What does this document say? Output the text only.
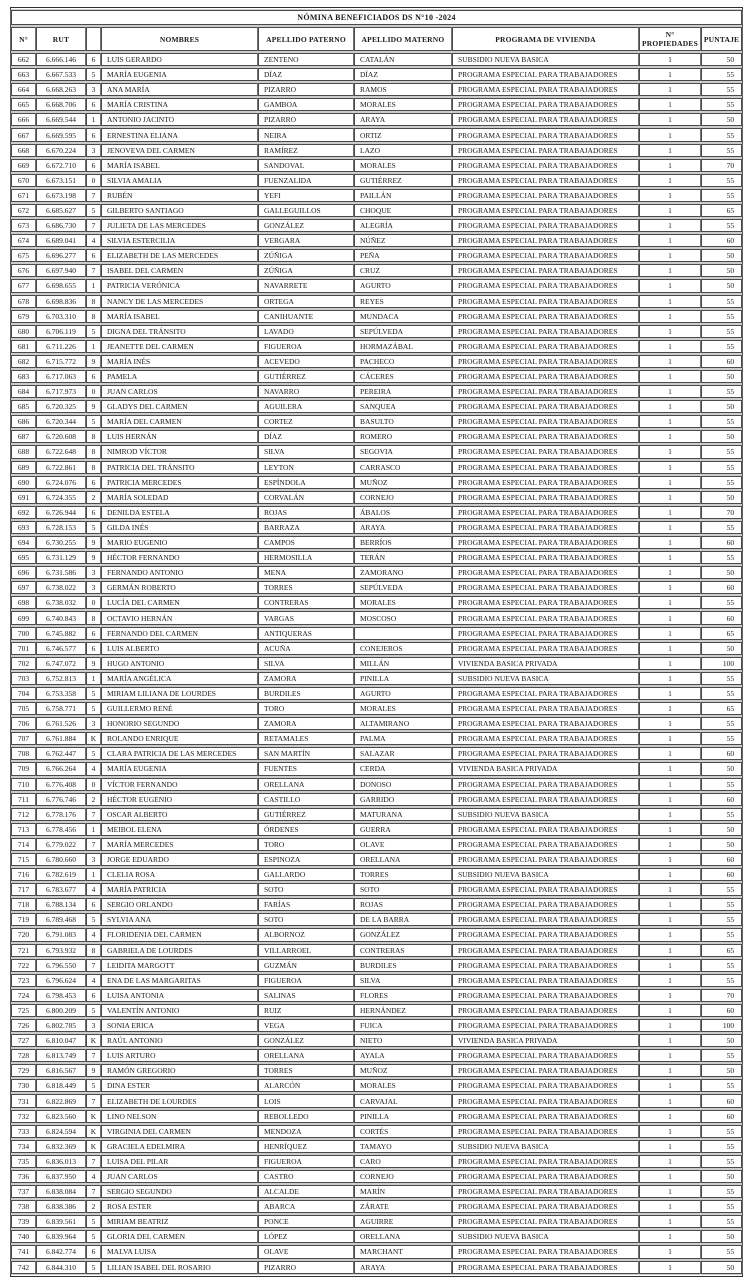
NÓMINA BENEFICIADOS DS N°10 -2024								
N°	RUT		NOMBRES	APELLIDO PATERNO	APELLIDO MATERNO	PROGRAMA DE VIVIENDA	N° PROPIEDADES	PUNTAJE
662	6.666.146	6	LUIS GERARDO	ZENTENO	CATALÁN	SUBSIDIO NUEVA BASICA	1	50
663	6.667.533	5	MARÍA EUGENIA	DÍAZ	DÍAZ	PROGRAMA ESPECIAL PARA TRABAJADORES	1	55
664	6.668.263	3	ANA MARÍA	PIZARRO	RAMOS	PROGRAMA ESPECIAL PARA TRABAJADORES	1	55
665	6.668.706	6	MARÍA CRISTINA	GAMBOA	MORALES	PROGRAMA ESPECIAL PARA TRABAJADORES	1	55
666	6.669.544	1	ANTONIO JACINTO	PIZARRO	ARAYA	PROGRAMA ESPECIAL PARA TRABAJADORES	1	50
667	6.669.595	6	ERNESTINA ELIANA	NEIRA	ORTIZ	PROGRAMA ESPECIAL PARA TRABAJADORES	1	55
668	6.670.224	3	JENOVEVA DEL CARMEN	RAMÍREZ	LAZO	PROGRAMA ESPECIAL PARA TRABAJADORES	1	55
669	6.672.710	6	MARÍA ISABEL	SANDOVAL	MORALES	PROGRAMA ESPECIAL PARA TRABAJADORES	1	70
670	6.673.151	0	SILVIA AMALIA	FUENZALIDA	GUTIÉRREZ	PROGRAMA ESPECIAL PARA TRABAJADORES	1	55
671	6.673.198	7	RUBÉN	YEFI	PAILLÁN	PROGRAMA ESPECIAL PARA TRABAJADORES	1	55
672	6.685.627	5	GILBERTO SANTIAGO	GALLEGUILLOS	CHOQUE	PROGRAMA ESPECIAL PARA TRABAJADORES	1	65
673	6.686.730	7	JULIETA DE LAS MERCEDES	GONZÁLEZ	ALEGRÍA	PROGRAMA ESPECIAL PARA TRABAJADORES	1	55
674	6.689.041	4	SILVIA ESTERCILIA	VERGARA	NÚÑEZ	PROGRAMA ESPECIAL PARA TRABAJADORES	1	60
675	6.696.277	6	ELIZABETH DE LAS MERCEDES	ZÚÑIGA	PEÑA	PROGRAMA ESPECIAL PARA TRABAJADORES	1	50
676	6.697.940	7	ISABEL DEL CARMEN	ZÚÑIGA	CRUZ	PROGRAMA ESPECIAL PARA TRABAJADORES	1	50
677	6.698.655	1	PATRICIA VERÓNICA	NAVARRETE	AGURTO	PROGRAMA ESPECIAL PARA TRABAJADORES	1	50
678	6.698.836	8	NANCY DE LAS MERCEDES	ORTEGA	REYES	PROGRAMA ESPECIAL PARA TRABAJADORES	1	55
679	6.703.310	8	MARÍA ISABEL	CANIHUANTE	MUNDACA	PROGRAMA ESPECIAL PARA TRABAJADORES	1	55
680	6.706.119	5	DIGNA DEL TRÁNSITO	LAVADO	SEPÚLVEDA	PROGRAMA ESPECIAL PARA TRABAJADORES	1	55
681	6.711.226	1	JEANETTE DEL CARMEN	FIGUEROA	HORMAZÁBAL	PROGRAMA ESPECIAL PARA TRABAJADORES	1	55
682	6.715.772	9	MARÍA INÉS	ACEVEDO	PACHECO	PROGRAMA ESPECIAL PARA TRABAJADORES	1	60
683	6.717.063	6	PAMELA	GUTIÉRREZ	CÁCERES	PROGRAMA ESPECIAL PARA TRABAJADORES	1	50
684	6.717.973	0	JUAN CARLOS	NAVARRO	PEREIRA	PROGRAMA ESPECIAL PARA TRABAJADORES	1	55
685	6.720.325	9	GLADYS DEL CARMEN	AGUILERA	SANQUEA	PROGRAMA ESPECIAL PARA TRABAJADORES	1	50
686	6.720.344	5	MARÍA DEL CARMEN	CORTEZ	BASULTO	PROGRAMA ESPECIAL PARA TRABAJADORES	1	55
687	6.720.608	8	LUIS HERNÁN	DÍAZ	ROMERO	PROGRAMA ESPECIAL PARA TRABAJADORES	1	50
688	6.722.648	8	NIMROD VÍCTOR	SILVA	SEGOVIA	PROGRAMA ESPECIAL PARA TRABAJADORES	1	55
689	6.722.861	8	PATRICIA DEL TRÁNSITO	LEYTON	CARRASCO	PROGRAMA ESPECIAL PARA TRABAJADORES	1	55
690	6.724.076	6	PATRICIA MERCEDES	ESPÍNDOLA	MUÑOZ	PROGRAMA ESPECIAL PARA TRABAJADORES	1	55
691	6.724.355	2	MARÍA SOLEDAD	CORVALÁN	CORNEJO	PROGRAMA ESPECIAL PARA TRABAJADORES	1	50
692	6.726.944	6	DENILDA ESTELA	ROJAS	ÁBALOS	PROGRAMA ESPECIAL PARA TRABAJADORES	1	70
693	6.728.153	5	GILDA INÉS	BARRAZA	ARAYA	PROGRAMA ESPECIAL PARA TRABAJADORES	1	55
694	6.730.255	9	MARIO EUGENIO	CAMPOS	BERRÍOS	PROGRAMA ESPECIAL PARA TRABAJADORES	1	60
695	6.731.129	9	HÉCTOR FERNANDO	HERMOSILLA	TERÁN	PROGRAMA ESPECIAL PARA TRABAJADORES	1	55
696	6.731.586	3	FERNANDO ANTONIO	MENA	ZAMORANO	PROGRAMA ESPECIAL PARA TRABAJADORES	1	50
697	6.738.022	3	GERMÁN ROBERTO	TORRES	SEPÚLVEDA	PROGRAMA ESPECIAL PARA TRABAJADORES	1	60
698	6.738.032	0	LUCÍA DEL CARMEN	CONTRERAS	MORALES	PROGRAMA ESPECIAL PARA TRABAJADORES	1	55
699	6.740.843	8	OCTAVIO HERNÁN	VARGAS	MOSCOSO	PROGRAMA ESPECIAL PARA TRABAJADORES	1	60
700	6.745.882	6	FERNANDO DEL CARMEN	ANTIQUERAS		PROGRAMA ESPECIAL PARA TRABAJADORES	1	65
701	6.746.577	6	LUIS ALBERTO	ACUÑA	CONEJEROS	PROGRAMA ESPECIAL PARA TRABAJADORES	1	50
702	6.747.072	9	HUGO ANTONIO	SILVA	MILLÁN	VIVIENDA BASICA PRIVADA	1	100
703	6.752.813	1	MARÍA ANGÉLICA	ZAMORA	PINILLA	SUBSIDIO NUEVA BASICA	1	55
704	6.753.358	5	MIRIAM LILIANA DE LOURDES	BURDILES	AGURTO	PROGRAMA ESPECIAL PARA TRABAJADORES	1	55
705	6.758.771	5	GUILLERMO RENÉ	TORO	MORALES	PROGRAMA ESPECIAL PARA TRABAJADORES	1	65
706	6.761.526	3	HONORIO SEGUNDO	ZAMORA	ALTAMIRANO	PROGRAMA ESPECIAL PARA TRABAJADORES	1	55
707	6.761.884	K	ROLANDO ENRIQUE	RETAMALES	PALMA	PROGRAMA ESPECIAL PARA TRABAJADORES	1	55
708	6.762.447	5	CLARA PATRICIA DE LAS MERCEDES	SAN MARTÍN	SALAZAR	PROGRAMA ESPECIAL PARA TRABAJADORES	1	60
709	6.766.264	4	MARÍA EUGENIA	FUENTES	CERDA	VIVIENDA BASICA PRIVADA	1	50
710	6.776.408	0	VÍCTOR FERNANDO	ORELLANA	DONOSO	PROGRAMA ESPECIAL PARA TRABAJADORES	1	55
711	6.776.746	2	HÉCTOR EUGENIO	CASTILLO	GARRIDO	PROGRAMA ESPECIAL PARA TRABAJADORES	1	60
712	6.778.176	7	OSCAR ALBERTO	GUTIÉRREZ	MATURANA	SUBSIDIO NUEVA BASICA	1	55
713	6.778.456	1	MEIBOL ELENA	ÓRDENES	GUERRA	PROGRAMA ESPECIAL PARA TRABAJADORES	1	50
714	6.779.022	7	MARÍA MERCEDES	TORO	OLAVE	PROGRAMA ESPECIAL PARA TRABAJADORES	1	50
715	6.780.660	3	JORGE EDUARDO	ESPINOZA	ORELLANA	PROGRAMA ESPECIAL PARA TRABAJADORES	1	60
716	6.782.619	1	CLELIA ROSA	GALLARDO	TORRES	SUBSIDIO NUEVA BASICA	1	60
717	6.783.677	4	MARÍA PATRICIA	SOTO	SOTO	PROGRAMA ESPECIAL PARA TRABAJADORES	1	55
718	6.788.134	6	SERGIO ORLANDO	FARÍAS	ROJAS	PROGRAMA ESPECIAL PARA TRABAJADORES	1	55
719	6.789.468	5	SYLVIA ANA	SOTO	DE LA BARRA	PROGRAMA ESPECIAL PARA TRABAJADORES	1	55
720	6.791.083	4	FLORIDENIA DEL CARMEN	ALBORNOZ	GONZÁLEZ	PROGRAMA ESPECIAL PARA TRABAJADORES	1	55
721	6.793.932	8	GABRIELA DE LOURDES	VILLARROEL	CONTRERAS	PROGRAMA ESPECIAL PARA TRABAJADORES	1	65
722	6.796.550	7	LEIDITA MARGOTT	GUZMÁN	BURDILES	PROGRAMA ESPECIAL PARA TRABAJADORES	1	55
723	6.796.624	4	ENA DE LAS MARGARITAS	FIGUEROA	SILVA	PROGRAMA ESPECIAL PARA TRABAJADORES	1	55
724	6.798.453	6	LUISA ANTONIA	SALINAS	FLORES	PROGRAMA ESPECIAL PARA TRABAJADORES	1	70
725	6.800.209	5	VALENTÍN ANTONIO	RUIZ	HERNÁNDEZ	PROGRAMA ESPECIAL PARA TRABAJADORES	1	60
726	6.802.785	3	SONIA ERICA	VEGA	FUICA	PROGRAMA ESPECIAL PARA TRABAJADORES	1	100
727	6.810.047	K	RAÚL ANTONIO	GONZÁLEZ	NIETO	VIVIENDA BASICA PRIVADA	1	50
728	6.813.749	7	LUIS ARTURO	ORELLANA	AYALA	PROGRAMA ESPECIAL PARA TRABAJADORES	1	55
729	6.816.567	9	RAMÓN GREGORIO	TORRES	MUÑOZ	PROGRAMA ESPECIAL PARA TRABAJADORES	1	50
730	6.818.449	5	DINA ESTER	ALARCÓN	MORALES	PROGRAMA ESPECIAL PARA TRABAJADORES	1	55
731	6.822.869	7	ELIZABETH DE LOURDES	LOIS	CARVAJAL	PROGRAMA ESPECIAL PARA TRABAJADORES	1	60
732	6.823.560	K	LINO NELSON	REBOLLEDO	PINILLA	PROGRAMA ESPECIAL PARA TRABAJADORES	1	60
733	6.824.594	K	VIRGINIA DEL CARMEN	MENDOZA	CORTÉS	PROGRAMA ESPECIAL PARA TRABAJADORES	1	55
734	6.832.369	K	GRACIELA EDELMIRA	HENRÍQUEZ	TAMAYO	SUBSIDIO NUEVA BASICA	1	55
735	6.836.013	7	LUISA DEL PILAR	FIGUEROA	CARO	PROGRAMA ESPECIAL PARA TRABAJADORES	1	55
736	6.837.950	4	JUAN CARLOS	CASTRO	CORNEJO	PROGRAMA ESPECIAL PARA TRABAJADORES	1	50
737	6.838.084	7	SERGIO SEGUNDO	ALCALDE	MARÍN	PROGRAMA ESPECIAL PARA TRABAJADORES	1	55
738	6.838.386	2	ROSA ESTER	ABARCA	ZÁRATE	PROGRAMA ESPECIAL PARA TRABAJADORES	1	55
739	6.839.561	5	MIRIAM BEATRIZ	PONCE	AGUIRRE	PROGRAMA ESPECIAL PARA TRABAJADORES	1	55
740	6.839.964	5	GLORIA DEL CARMEN	LÓPEZ	ORELLANA	SUBSIDIO NUEVA BASICA	1	50
741	6.842.774	6	MALVA LUISA	OLAVE	MARCHANT	PROGRAMA ESPECIAL PARA TRABAJADORES	1	55
742	6.844.310	5	LILIAN ISABEL DEL ROSARIO	PIZARRO	ARAYA	PROGRAMA ESPECIAL PARA TRABAJADORES	1	50
